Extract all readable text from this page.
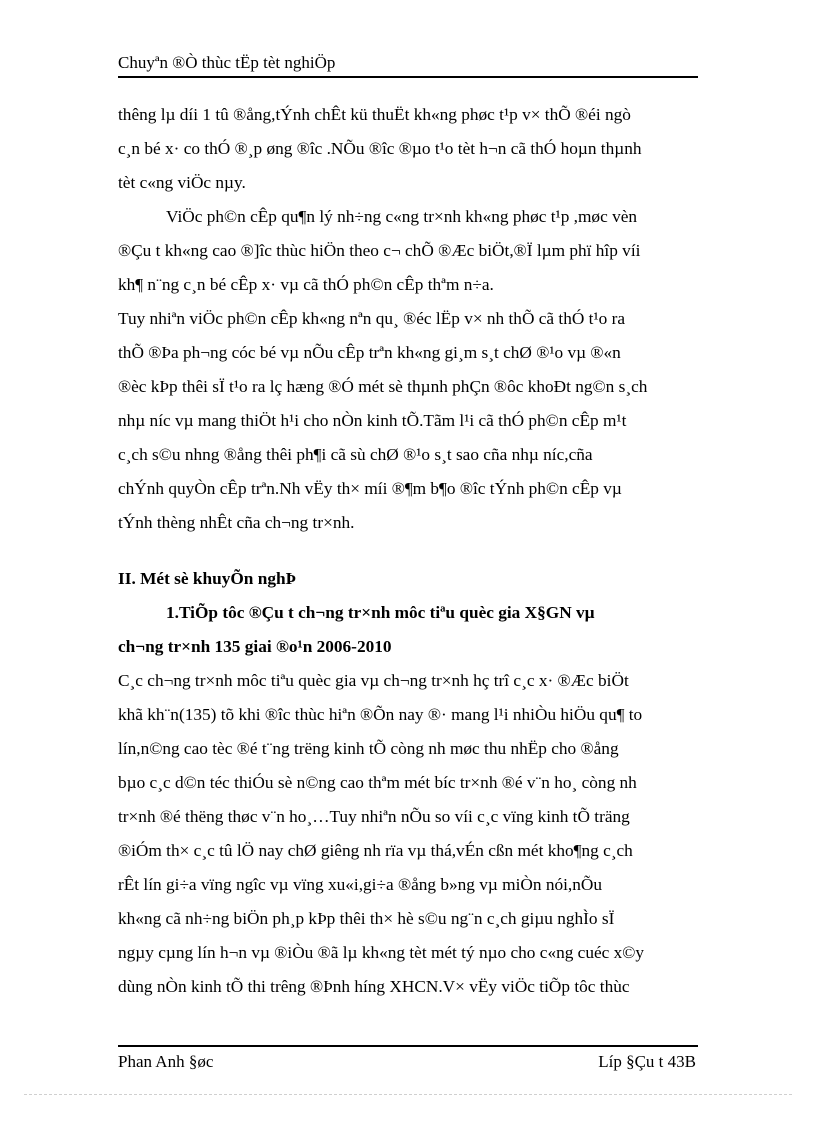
Chuyªn ®Ò thùc tËp tèt nghiÖp
thêng lµ díi 1 tû ®ång,tÝnh chÊt kü thuËt kh«ng phøc t¹p v× thÕ ®éi ngò
c¸n bé x· co thÓ ®¸p øng ®îc .NÕu ®îc ®µo t¹o tèt h¬n cã thÓ hoµn thµnh
tèt c«ng viÖc nµy.
ViÖc ph©n cÊp qu¶n lý nh÷ng c«ng tr×nh kh«ng phøc t¹p ,møc vèn
®Çu t kh«ng cao ®]îc thùc hiÖn theo c¬ chÕ ®Æc biÖt,®Ï lµm phï hîp víi
kh¶ n¨ng c¸n bé cÊp x· vµ cã thÓ ph©n cÊp thªm n÷a.
Tuy nhiªn viÖc ph©n cÊp kh«ng nªn qu¸ ®éc lËp v× nh thÕ cã thÓ t¹o ra
thÕ ®Þa ph¬ng cóc bé vµ nÕu cÊp trªn kh«ng gi¸m s¸t chØ ®¹o vµ ®«n
®èc kÞp thêi sÏ t¹o ra lç hæng ®Ó mét sè thµnh phÇn ®ôc khoÐt ng©n s¸ch
nhµ níc vµ mang thiÖt h¹i cho nÒn kinh tÕ.Tãm l¹i cã thÓ ph©n cÊp m¹t
c¸ch s©u nhng ®ång thêi ph¶i cã sù chØ ®¹o s¸t sao cña nhµ níc,cña
chÝnh quyÒn cÊp trªn.Nh vËy th× míi ®¶m b¶o ®îc tÝnh ph©n cÊp vµ
tÝnh thèng nhÊt cña ch¬ng tr×nh.
II. Mét sè khuyÕn nghÞ
1.TiÕp tôc ®Çu t ch¬ng tr×nh môc tiªu quèc gia X§GN vµ
ch¬ng tr×nh 135 giai ®o¹n 2006-2010
C¸c ch¬ng tr×nh môc tiªu quèc gia vµ ch¬ng tr×nh hç trî c¸c x· ®Æc biÖt
khã kh¨n(135) tõ khi ®îc thùc hiªn ®Õn nay ®· mang l¹i nhiÒu hiÖu qu¶ to
lín,n©ng cao tèc ®é t¨ng trëng kinh tÕ còng nh møc thu nhËp cho ®ång
bµo c¸c d©n téc thiÓu sè n©ng cao thªm mét bíc tr×nh ®é v¨n ho¸ còng nh
tr×nh ®é thëng thøc v¨n ho¸…Tuy nhiªn nÕu so víi c¸c vïng kinh tÕ träng
®iÓm th× c¸c tû lÖ nay chØ giêng nh rïa vµ thá,vÉn cßn mét kho¶ng c¸ch
rÊt lín gi÷a vïng ngîc vµ vïng xu«i,gi÷a ®ång b»ng vµ miÒn nói,nÕu
kh«ng cã nh÷ng biÖn ph¸p kÞp thêi th× hè s©u ng¨n c¸ch giµu nghÌo sÏ
ngµy cµng lín h¬n vµ ®iÒu ®ã lµ kh«ng tèt mét tý nµo cho c«ng cuéc x©y
dùng nÒn kinh tÕ thi trêng ®Þnh híng XHCN.V× vËy viÖc tiÕp tôc thùc
Phan Anh §øc	Líp §Çu t 43B
